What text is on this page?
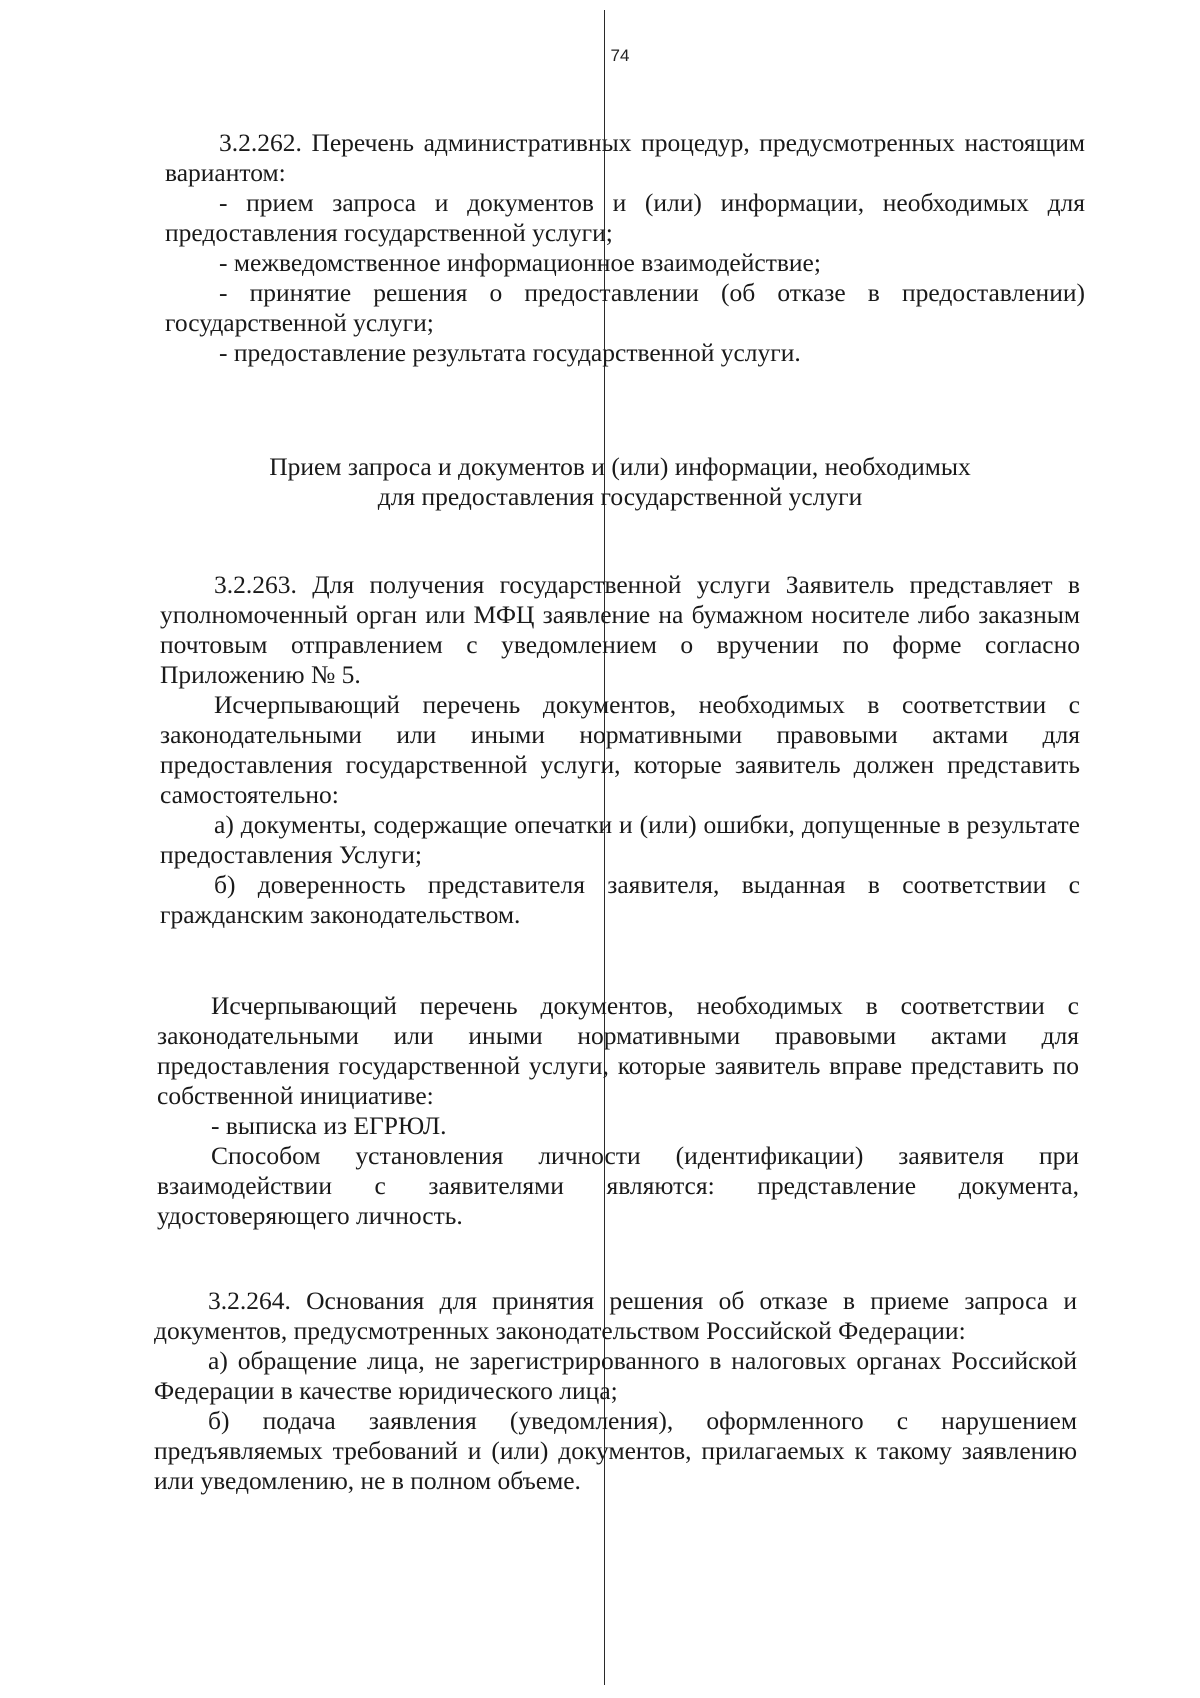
74

3.2.262. Перечень административных процедур, предусмотренных настоящим вариантом:

- прием запроса и документов и (или) информации, необходимых для предоставления государственной услуги;

- межведомственное информационное взаимодействие;

- принятие решения о предоставлении (об отказе в предоставлении) государственной услуги;

- предоставление результата государственной услуги.

Прием запроса и документов и (или) информации, необходимых

для предоставления государственной услуги

3.2.263. Для получения государственной услуги Заявитель представляет в уполномоченный орган или МФЦ заявление на бумажном носителе либо заказным почтовым отправлением с уведомлением о вручении по форме согласно Приложению № 5.

Исчерпывающий перечень документов, необходимых в соответствии с законодательными или иными нормативными правовыми актами для предоставления государственной услуги, которые заявитель должен представить самостоятельно:

а) документы, содержащие опечатки и (или) ошибки, допущенные в результате предоставления Услуги;

б) доверенность представителя заявителя, выданная в соответствии с гражданским законодательством.

Исчерпывающий перечень документов, необходимых в соответствии с законодательными или иными нормативными правовыми актами для предоставления государственной услуги, которые заявитель вправе представить по собственной инициативе:

- выписка из ЕГРЮЛ.

Способом установления личности (идентификации) заявителя при взаимодействии с заявителями являются: представление документа, удостоверяющего личность.

3.2.264. Основания для принятия решения об отказе в приеме запроса и документов, предусмотренных законодательством Российской Федерации:

а) обращение лица, не зарегистрированного в налоговых органах Российской Федерации в качестве юридического лица;

б) подача заявления (уведомления), оформленного с нарушением предъявляемых требований и (или) документов, прилагаемых к такому заявлению или уведомлению, не в полном объеме.
